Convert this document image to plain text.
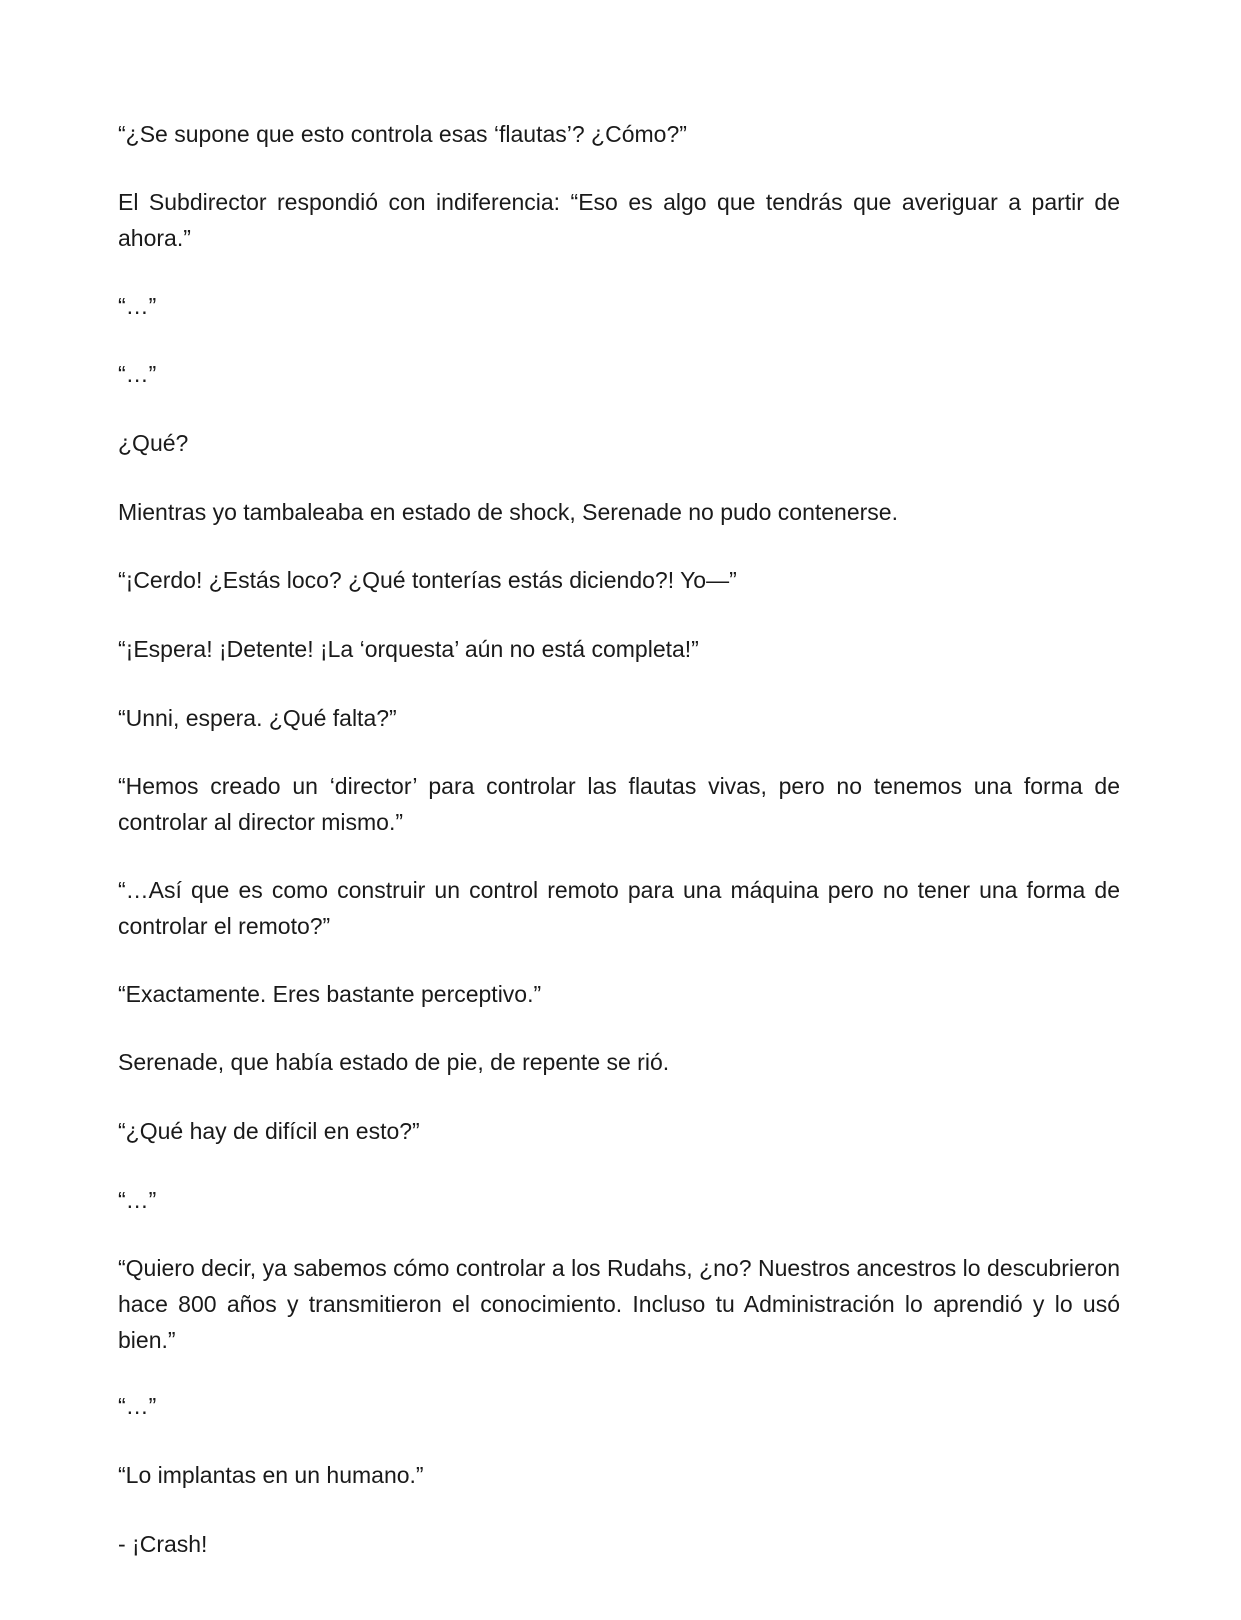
“¿Se supone que esto controla esas ‘flautas’? ¿Cómo?”

El Subdirector respondió con indiferencia: “Eso es algo que tendrás que averiguar a partir de ahora.”

“…”

“…”

¿Qué?

Mientras yo tambaleaba en estado de shock, Serenade no pudo contenerse.

“¡Cerdo! ¿Estás loco? ¿Qué tonterías estás diciendo?! Yo—”

“¡Espera! ¡Detente! ¡La ‘orquesta’ aún no está completa!”

“Unni, espera. ¿Qué falta?”

“Hemos creado un ‘director’ para controlar las flautas vivas, pero no tenemos una forma de controlar al director mismo.”

“…Así que es como construir un control remoto para una máquina pero no tener una forma de controlar el remoto?”

“Exactamente. Eres bastante perceptivo.”

Serenade, que había estado de pie, de repente se rió.

“¿Qué hay de difícil en esto?”

“…”

“Quiero decir, ya sabemos cómo controlar a los Rudahs, ¿no? Nuestros ancestros lo descubrieron hace 800 años y transmitieron el conocimiento. Incluso tu Administración lo aprendió y lo usó bien.”

“…”

“Lo implantas en un humano.”

- ¡Crash!
